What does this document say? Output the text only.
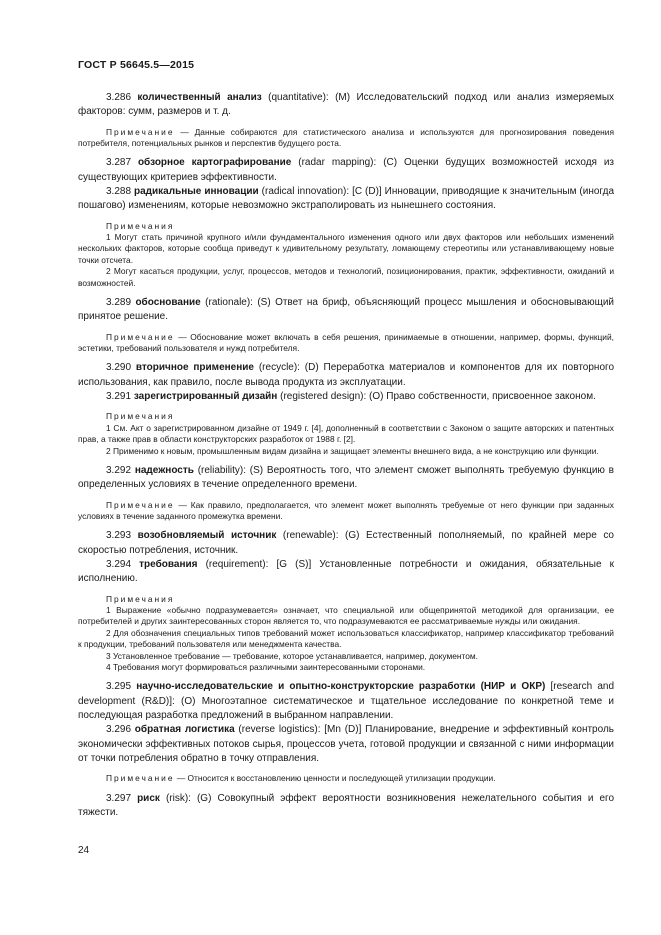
ГОСТ Р 56645.5—2015

3.286 количественный анализ (quantitative): (M) Исследовательский подход или анализ измеряемых факторов: сумм, размеров и т. д.

Примечание — Данные собираются для статистического анализа и используются для прогнозирования поведения потребителя, потенциальных рынков и перспектив будущего роста.

3.287 обзорное картографирование (radar mapping): (C) Оценки будущих возможностей исходя из существующих критериев эффективности.

3.288 радикальные инновации (radical innovation): [C (D)] Инновации, приводящие к значительным (иногда пошагово) изменениям, которые невозможно экстраполировать из нынешнего состояния.

Примечания

1 Могут стать причиной крупного и/или фундаментального изменения одного или двух факторов или небольших изменений нескольких факторов, которые сообща приведут к удивительному результату, ломающему стереотипы или устанавливающему новые точки отсчета.

2 Могут касаться продукции, услуг, процессов, методов и технологий, позиционирования, практик, эффективности, ожиданий и возможностей.

3.289 обоснование (rationale): (S) Ответ на бриф, объясняющий процесс мышления и обосновывающий принятое решение.

Примечание — Обоснование может включать в себя решения, принимаемые в отношении, например, формы, функций, эстетики, требований пользователя и нужд потребителя.

3.290 вторичное применение (recycle): (D) Переработка материалов и компонентов для их повторного использования, как правило, после вывода продукта из эксплуатации.

3.291 зарегистрированный дизайн (registered design): (O) Право собственности, присвоенное законом.

Примечания

1 См. Акт о зарегистрированном дизайне от 1949 г. [4], дополненный в соответствии с Законом о защите авторских и патентных прав, а также прав в области конструкторских разработок от 1988 г. [2].

2 Применимо к новым, промышленным видам дизайна и защищает элементы внешнего вида, а не конструкцию или функции.

3.292 надежность (reliability): (S) Вероятность того, что элемент сможет выполнять требуемую функцию в определенных условиях в течение определенного времени.

Примечание — Как правило, предполагается, что элемент может выполнять требуемые от него функции при заданных условиях в течение заданного промежутка времени.

3.293 возобновляемый источник (renewable): (G) Естественный пополняемый, по крайней мере со скоростью потребления, источник.

3.294 требования (requirement): [G (S)] Установленные потребности и ожидания, обязательные к исполнению.

Примечания

1 Выражение «обычно подразумевается» означает, что специальной или общепринятой методикой для организации, ее потребителей и других заинтересованных сторон является то, что подразумеваются ее рассматриваемые нужды или ожидания.

2 Для обозначения специальных типов требований может использоваться классификатор, например классификатор требований к продукции, требований пользователя или менеджмента качества.

3 Установленное требование — требование, которое устанавливается, например, документом.

4 Требования могут формироваться различными заинтересованными сторонами.

3.295 научно-исследовательские и опытно-конструкторские разработки (НИР и ОКР) [research and development (R&D)]: (O) Многоэтапное систематическое и тщательное исследование по конкретной теме и последующая разработка предложений в выбранном направлении.

3.296 обратная логистика (reverse logistics): [Mn (D)] Планирование, внедрение и эффективный контроль экономически эффективных потоков сырья, процессов учета, готовой продукции и связанной с ними информации от точки потребления обратно в точку отправления.

Примечание — Относится к восстановлению ценности и последующей утилизации продукции.

3.297 риск (risk): (G) Совокупный эффект вероятности возникновения нежелательного события и его тяжести.

24
